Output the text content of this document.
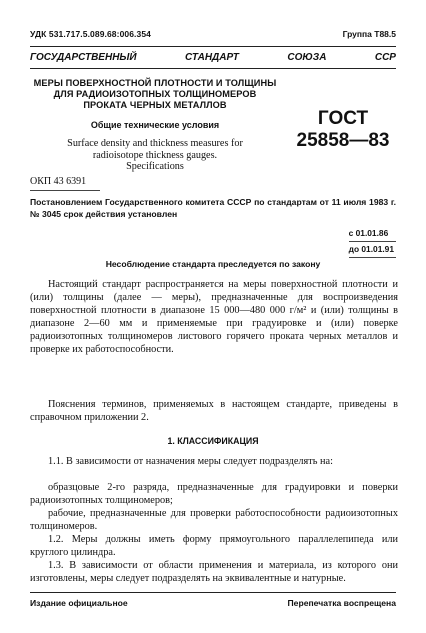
УДК 531.717.5.089.68:006.354	Группа Т88.5
ГОСУДАРСТВЕННЫЙ	СТАНДАРТ	СОЮЗА	ССР
МЕРЫ ПОВЕРХНОСТНОЙ ПЛОТНОСТИ И ТОЛЩИНЫ
ДЛЯ РАДИОИЗОТОПНЫХ ТОЛЩИНОМЕРОВ
ПРОКАТА ЧЕРНЫХ МЕТАЛЛОВ
Общие технические условия
Surface density and thickness measures for
radioisotope thickness gauges.
Specifications
ГОСТ
25858—83
ОКП 43 6391
Постановлением Государственного комитета СССР по стандартам от 11 июля 1983 г. № 3045 срок действия установлен
с 01.01.86
до 01.01.91
Несоблюдение стандарта преследуется по закону
Настоящий стандарт распространяется на меры поверхностной плотности и (или) толщины (далее — меры), предназначенные для воспроизведения поверхностной плотности в диапазоне 15 000—480 000 г/м² и (или) толщины в диапазоне 2—60 мм и применяемые при градуировке и (или) поверке радиоизотопных толщиномеров листового горячего проката черных металлов и проверке их работоспособности.
Пояснения терминов, применяемых в настоящем стандарте, приведены в справочном приложении 2.
1. КЛАССИФИКАЦИЯ
1.1. В зависимости от назначения меры следует подразделять на:
образцовые 2-го разряда, предназначенные для градуировки и поверки радиоизотопных толщиномеров;
рабочие, предназначенные для проверки работоспособности радиоизотопных толщиномеров.
1.2. Меры должны иметь форму прямоугольного параллелепипеда или круглого цилиндра.
1.3. В зависимости от области применения и материала, из которого они изготовлены, меры следует подразделять на эквивалентные и натурные.
Издание официальное	Перепечатка воспрещена
